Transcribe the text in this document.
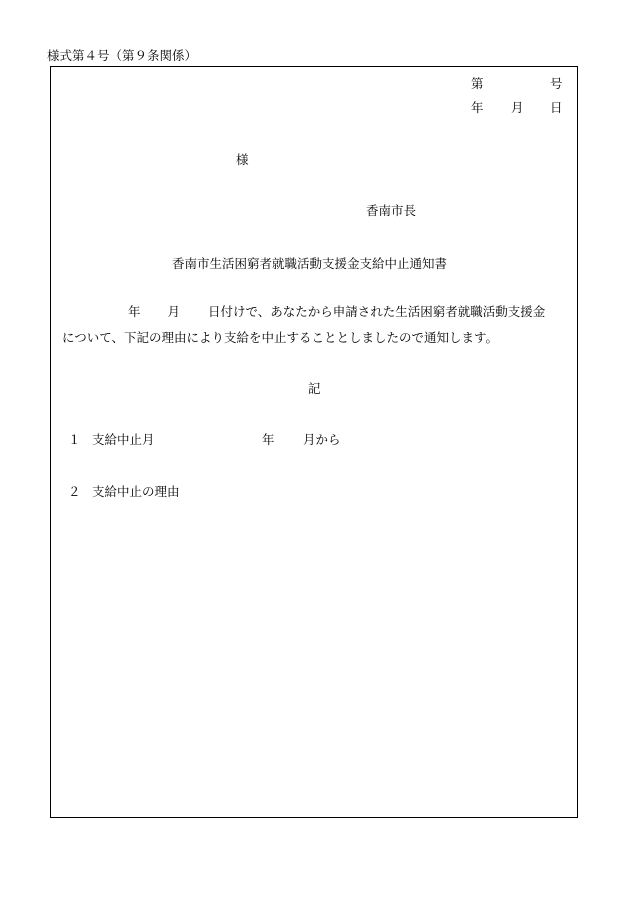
様式第４号（第９条関係）
第	号
年 月 日
様
香南市長
香南市生活困窮者就職活動支援金支給中止通知書
年 月 日付けで、あなたから申請された生活困窮者就職活動支援金
について、下記の理由により支給を中止することとしましたので通知します。
記
１ 支給中止月	年 月から
２ 支給中止の理由
